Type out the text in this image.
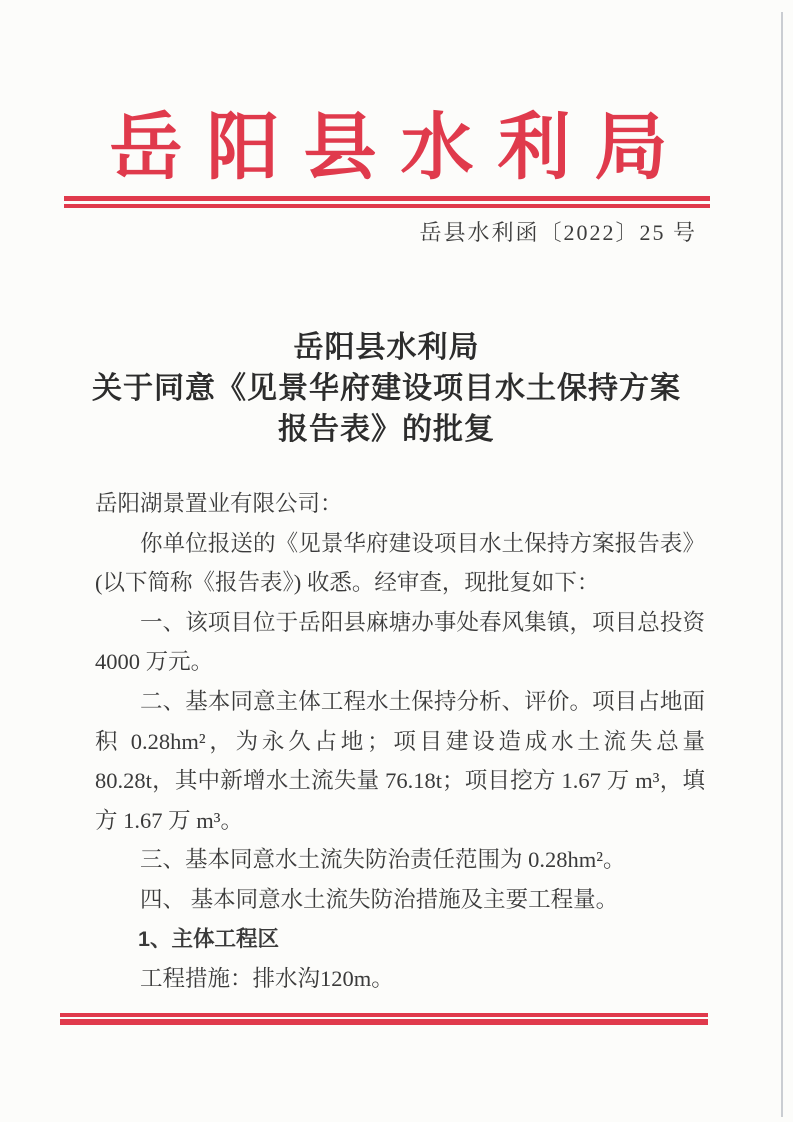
岳阳县水利局
岳县水利函〔2022〕25 号
岳阳县水利局
关于同意《见景华府建设项目水土保持方案
报告表》的批复

岳阳湖景置业有限公司：

你单位报送的《见景华府建设项目水土保持方案报告表》(以下简称《报告表》) 收悉。经审查，现批复如下：

一、该项目位于岳阳县麻塘办事处春风集镇，项目总投资 4000 万元。

二、基本同意主体工程水土保持分析、评价。项目占地面积 0.28hm²，为永久占地；项目建设造成水土流失总量 80.28t，其中新增水土流失量 76.18t；项目挖方 1.67 万 m³，填方 1.67 万 m³。

三、基本同意水土流失防治责任范围为 0.28hm²。

四、 基本同意水土流失防治措施及主要工程量。

1、主体工程区

工程措施：排水沟120m。
